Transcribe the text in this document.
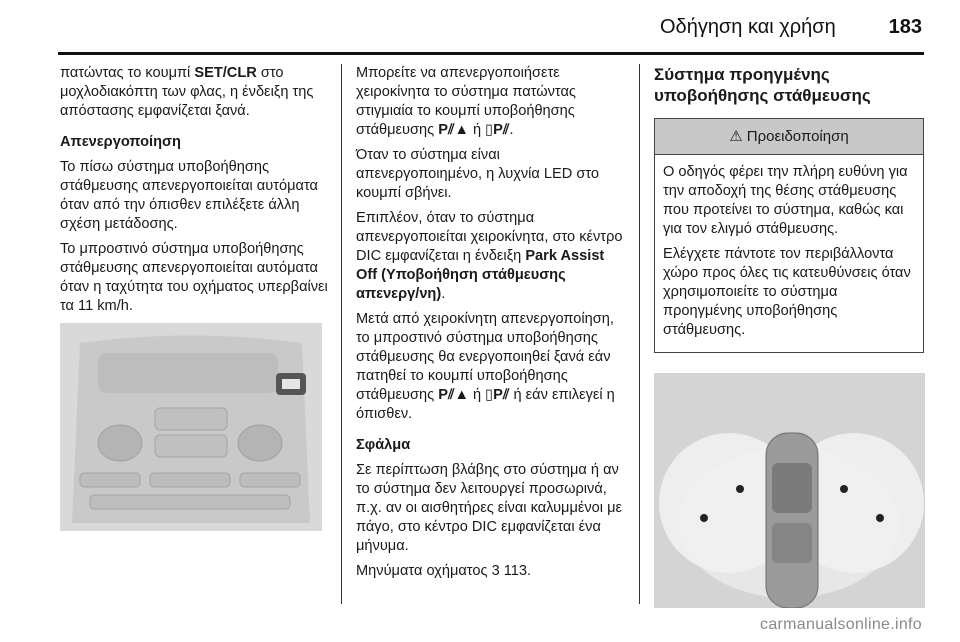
Οδήγηση και χρήση	183

πατώντας το κουμπί SET/CLR στο μοχλοδιακόπτη των φλας, η ένδειξη της απόστασης εμφανίζεται ξανά.

Απενεργοποίηση

Το πίσω σύστημα υποβοήθησης στάθμευσης απενεργοποιείται αυτόματα όταν από την όπισθεν επιλέξετε άλλη σχέση μετάδοσης.

Το μπροστινό σύστημα υποβοήθησης στάθμευσης απενεργοποιείται αυτόματα όταν η ταχύτητα του οχήματος υπερβαίνει τα 11 km/h.

Μπορείτε να απενεργοποιήσετε χειροκίνητα το σύστημα πατώντας στιγμιαία το κουμπί υποβοήθησης στάθμευσης P⫽▲ ή ▯P⫽.

Όταν το σύστημα είναι απενεργοποιημένο, η λυχνία LED στο κουμπί σβήνει.

Επιπλέον, όταν το σύστημα απενεργοποιείται χειροκίνητα, στο κέντρο DIC εμφανίζεται η ένδειξη Park Assist Off (Υποβοήθηση στάθμευσης απενεργ/νη).

Μετά από χειροκίνητη απενεργοποίηση, το μπροστινό σύστημα υποβοήθησης στάθμευσης θα ενεργοποιηθεί ξανά εάν πατηθεί το κουμπί υποβοήθησης στάθμευσης P⫽▲ ή ▯P⫽ ή εάν επιλεγεί η όπισθεν.

Σφάλμα

Σε περίπτωση βλάβης στο σύστημα ή αν το σύστημα δεν λειτουργεί προσωρινά, π.χ. αν οι αισθητήρες είναι καλυμμένοι με πάγο, στο κέντρο DIC εμφανίζεται ένα μήνυμα.

Μηνύματα οχήματος 3 113.

Σύστημα προηγμένης υποβοήθησης στάθμευσης
⚠ Προειδοποίηση

Ο οδηγός φέρει την πλήρη ευθύνη για την αποδοχή της θέσης στάθμευσης που προτείνει το σύστημα, καθώς και για τον ελιγμό στάθμευσης.

Ελέγχετε πάντοτε τον περιβάλλοντα χώρο προς όλες τις κατευθύνσεις όταν χρησιμοποιείτε το σύστημα προηγμένης υποβοήθησης στάθμευσης.

carmanualsonline.info
